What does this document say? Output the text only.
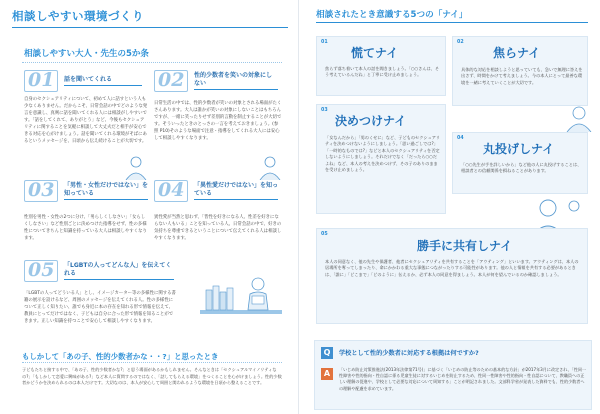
相談しやすい環境づくり
相談しやすい大人・先生の5か条
01 話を聞いてくれる
自身のセクシュアリティについて、初めて人に話すという人も少なくありません。だからこそ、日常会話の中でどのような発言を意識し、真剣に話を聞いてくれる人には相談がしやすいです。「話をしてくれて、ありがとう」など、今後もセクシュアリティに関することを気軽に相談して大丈夫だと相手が安心できる対応を心がけましょう。話を聞いてくれる環境がそばにあるというメッセージを、日頃から伝え続けることが大切です。
02 性的少数者を笑いの対象にしない
日常生活の中では、性的少数者が笑いの対象とされる場面がたくさんあります。大人は誰かが笑いの対象にしないことはもちろんですが、一緒に笑ったりせず差別的言動を制止することが大切です。そういったときのとっさの一言を考えておきましょう。(参照 P10)そのような場面で注意・指導をしてくれる大人には安心して相談しやすくなります。
03 「男性・女性だけではない」を知っている
性別を男性・女性の2つに分け、「男らしくしなさい」「女らしくしなさい」など性別ごとに決めつけた指導をせず、性の多様性についてきちんと知識を持っている大人は相談しやすくなります。
04 「異性愛だけではない」を知っている
異性愛が当然と思わず、「皆性を好きになる人、性差を好きにならない人もいる」ことを知っている人。日常会話の中で、好きの気持ちを尊重できるということについて伝えてくれる人は相談しやすくなります。
05 「LGBTの人ってどんな人」を伝えてくれる
「LGBTの人ってどういる人」とし、イメージカーター等の多様性に関する書籍の展示を設けるなど、周囲のメッセージを伝えてくれる人。性の多様性について正しく知りたい、誰でも身近に本の存在を知れる形で情報を伝えて、教員にとってだけではなく、子どもは自分に合った形で情報を知ることができます。正しい知識を持つことで安心して相談しやすくなります。
もしかして「あの子、性的少数者かな・・?」と思ったとき
子どもたちと接する中で、「あの子、性的少数者かな?」と思う場面があるかもしれません。そんなときは「セクシュアルマイノリティなの?」「もしかして恋愛に興味がある?」など本人に質問するのではなく、「話してもらえる環境」をつくることを心がけましょう。性的少数者かどうかを決められるのは本人だけです。大切なのは、本人が安心して周囲と関われるような環境を日頃から整えることです。
相談されたとき意識する5つの「ナイ」
01
慌てナイ
焦らず落ち着いて本人の話を聞きましょう。「○○さんは、そう考えているんだね」と丁寧に受け止めましょう。
02
焦らナイ
具体的な対応を相談しようと思っていても、急いで無理に答えを出さず、時間をかけて考えましょう。今の本人にとって最善な環境を一緒に考えていくことが大切です。
03
決めつけナイ
「女なんだから」「男のくせに」など、子どものセクシュアリティを決めつけないようにしましょう。「思い過ごしでは?」「一時的なものでは?」などと本人のセクシュアリティを否定しないようにしましょう。それだけでなく「だったら○○だよね」など、本人の考えを決めつけず、その子のありのままを受け止めましょう。
04
丸投げしナイ
「○○先生が手を詳しいから」など他の人に丸投げすることは、相談者との信頼関係を損ねることがあります。
05
勝手に共有しナイ
本人の同意なく、他の先生や保護者、他者にセクシュアリティを共有することを「アウティング」といいます。アウティングは、本人の居場所を奪ってしまったり、命にかかわる重大な事態につながったりする可能性があります。他の人と情報を共有する必要があるときは、「誰に」「どこまで」「どのように」伝えるか、必ず本人の同意を得ましょう。本人が何を望んでいるのか確認しましょう。
Q	学校として性的少数者に対応する根拠は何ですか?
A	「いじめ防止対策推進法(2013年法律第71号)」に基づく「いじめの防止等のための基本的な方針」が2017年3月に改定され、「性同一性障害や性的指向・性自認に係る児童生徒に対するいじめを防止するため、性同一性障害や性的指向・性自認について、教職員への正しい理解の促進や、学校として必要な対応について周知する」ことが明記されました。文部科学省が発表した資料でも、性的少数者への理解や配慮を求めています。
